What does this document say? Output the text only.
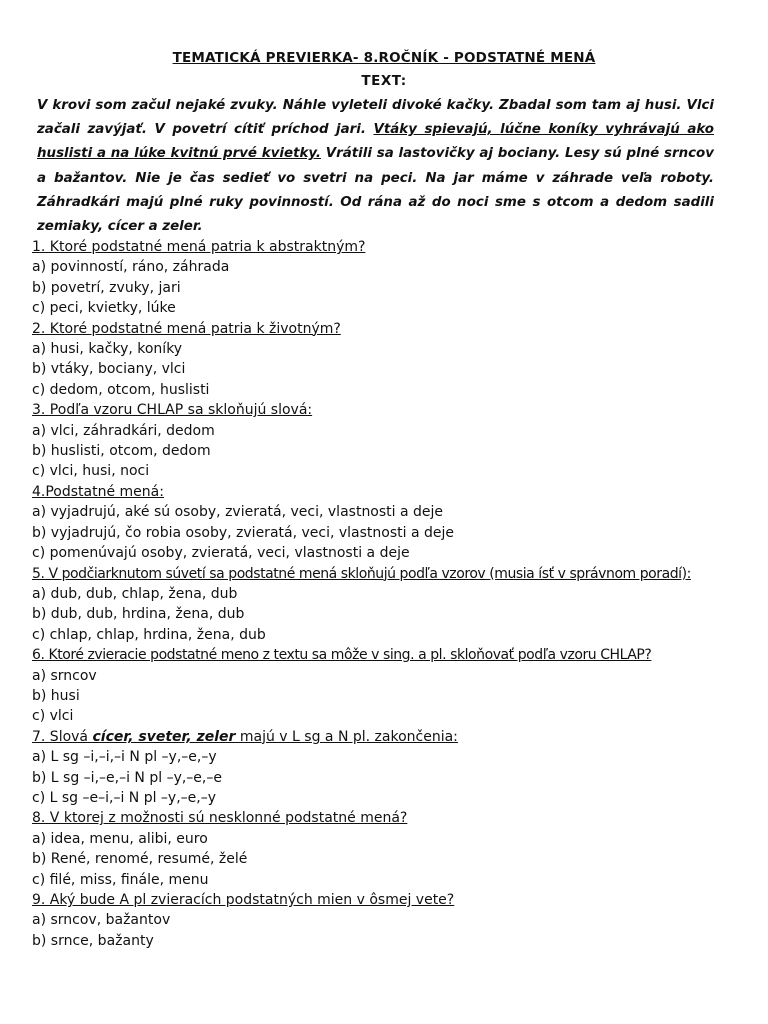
TEMATICKÁ PREVIERKA- 8.ROČNÍK - PODSTATNÉ MENÁ
TEXT:
V krovi som začul nejaké zvuky. Náhle vyleteli divoké kačky. Zbadal som tam aj husi. Vlci začali zavýjať. V povetrí cítiť príchod jari. Vtáky spievajú, lúčne koníky vyhrávajú ako huslisti a na lúke kvitnú prvé kvietky. Vrátili sa lastovičky aj bociany. Lesy sú plné srncov a bažantov. Nie je čas sedieť vo svetri na peci. Na jar máme v záhrade veľa roboty. Záhradkári majú plné ruky povinností. Od rána až do noci sme s otcom a dedom sadili zemiaky, cícer a zeler.
1. Ktoré podstatné mená patria k abstraktným?
a) povinností, ráno, záhrada
b) povetrí, zvuky, jari
c) peci, kvietky, lúke
2. Ktoré podstatné mená patria k životným?
a) husi, kačky, koníky
b) vtáky, bociany, vlci
c) dedom, otcom, huslisti
3. Podľa vzoru CHLAP sa skloňujú slová:
a) vlci, záhradkári, dedom
b) huslisti, otcom, dedom
c) vlci, husi, noci
4.Podstatné mená:
a) vyjadrujú, aké sú osoby, zvieratá, veci, vlastnosti a deje
b) vyjadrujú, čo robia osoby, zvieratá, veci, vlastnosti a deje
c) pomenúvajú osoby, zvieratá, veci, vlastnosti a deje
5. V podčiarknutom súvetí sa podstatné mená skloňujú podľa vzorov (musia ísť v správnom poradí):
a) dub, dub, chlap, žena, dub
b) dub, dub, hrdina, žena, dub
c) chlap, chlap, hrdina, žena, dub
6. Ktoré zvieracie podstatné meno z textu sa môže v sing. a pl. skloňovať podľa vzoru CHLAP?
a) srncov
b) husi
c) vlci
7. Slová cícer, sveter, zeler majú v L sg a N pl. zakončenia:
a) L sg –i,–i,–i N pl –y,–e,–y
b) L sg –i,–e,–i N pl –y,–e,–e
c) L sg –e–i,–i N pl –y,–e,–y
8. V ktorej z možnosti sú nesklonné podstatné mená?
a) idea, menu, alibi, euro
b) René, renomé, resumé, želé
c) filé, miss, finále, menu
9. Aký bude A pl zvieracích podstatných mien v ôsmej vete?
a) srncov, bažantov
b) srnce, bažanty
